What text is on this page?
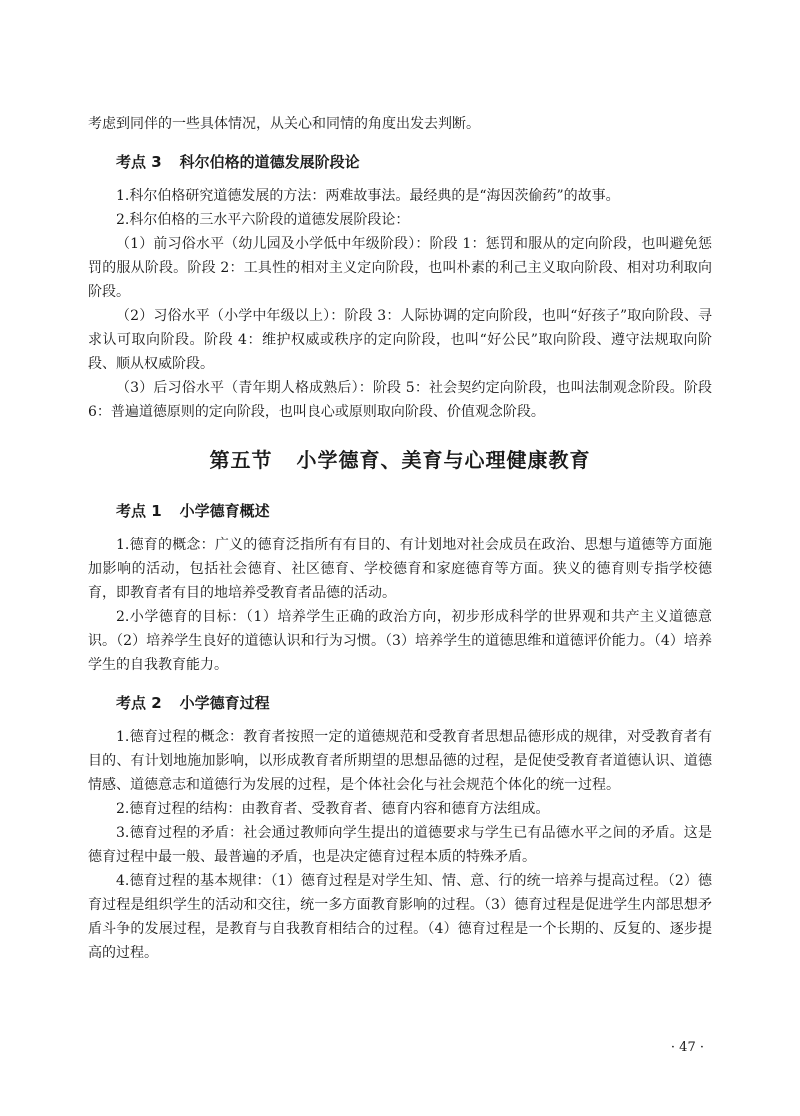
考虑到同伴的一些具体情况，从关心和同情的角度出发去判断。

考点 3 科尔伯格的道德发展阶段论

1.科尔伯格研究道德发展的方法：两难故事法。最经典的是“海因茨偷药”的故事。

2.科尔伯格的三水平六阶段的道德发展阶段论：

（1）前习俗水平（幼儿园及小学低中年级阶段）：阶段 1：惩罚和服从的定向阶段，也叫避免惩罚的服从阶段。阶段 2：工具性的相对主义定向阶段，也叫朴素的利己主义取向阶段、相对功利取向阶段。

（2）习俗水平（小学中年级以上）：阶段 3：人际协调的定向阶段，也叫“好孩子”取向阶段、寻求认可取向阶段。阶段 4：维护权威或秩序的定向阶段，也叫“好公民”取向阶段、遵守法规取向阶段、顺从权威阶段。

（3）后习俗水平（青年期人格成熟后）：阶段 5：社会契约定向阶段，也叫法制观念阶段。阶段 6：普遍道德原则的定向阶段，也叫良心或原则取向阶段、价值观念阶段。

第五节 小学德育、美育与心理健康教育
考点 1 小学德育概述

1.德育的概念：广义的德育泛指所有有目的、有计划地对社会成员在政治、思想与道德等方面施加影响的活动，包括社会德育、社区德育、学校德育和家庭德育等方面。狭义的德育则专指学校德育，即教育者有目的地培养受教育者品德的活动。

2.小学德育的目标：（1）培养学生正确的政治方向，初步形成科学的世界观和共产主义道德意识。（2）培养学生良好的道德认识和行为习惯。（3）培养学生的道德思维和道德评价能力。（4）培养学生的自我教育能力。

考点 2 小学德育过程

1.德育过程的概念：教育者按照一定的道德规范和受教育者思想品德形成的规律，对受教育者有目的、有计划地施加影响，以形成教育者所期望的思想品德的过程，是促使受教育者道德认识、道德情感、道德意志和道德行为发展的过程，是个体社会化与社会规范个体化的统一过程。

2.德育过程的结构：由教育者、受教育者、德育内容和德育方法组成。

3.德育过程的矛盾：社会通过教师向学生提出的道德要求与学生已有品德水平之间的矛盾。这是德育过程中最一般、最普遍的矛盾，也是决定德育过程本质的特殊矛盾。

4.德育过程的基本规律：（1）德育过程是对学生知、情、意、行的统一培养与提高过程。（2）德育过程是组织学生的活动和交往，统一多方面教育影响的过程。（3）德育过程是促进学生内部思想矛盾斗争的发展过程，是教育与自我教育相结合的过程。（4）德育过程是一个长期的、反复的、逐步提高的过程。

· 47 ·
